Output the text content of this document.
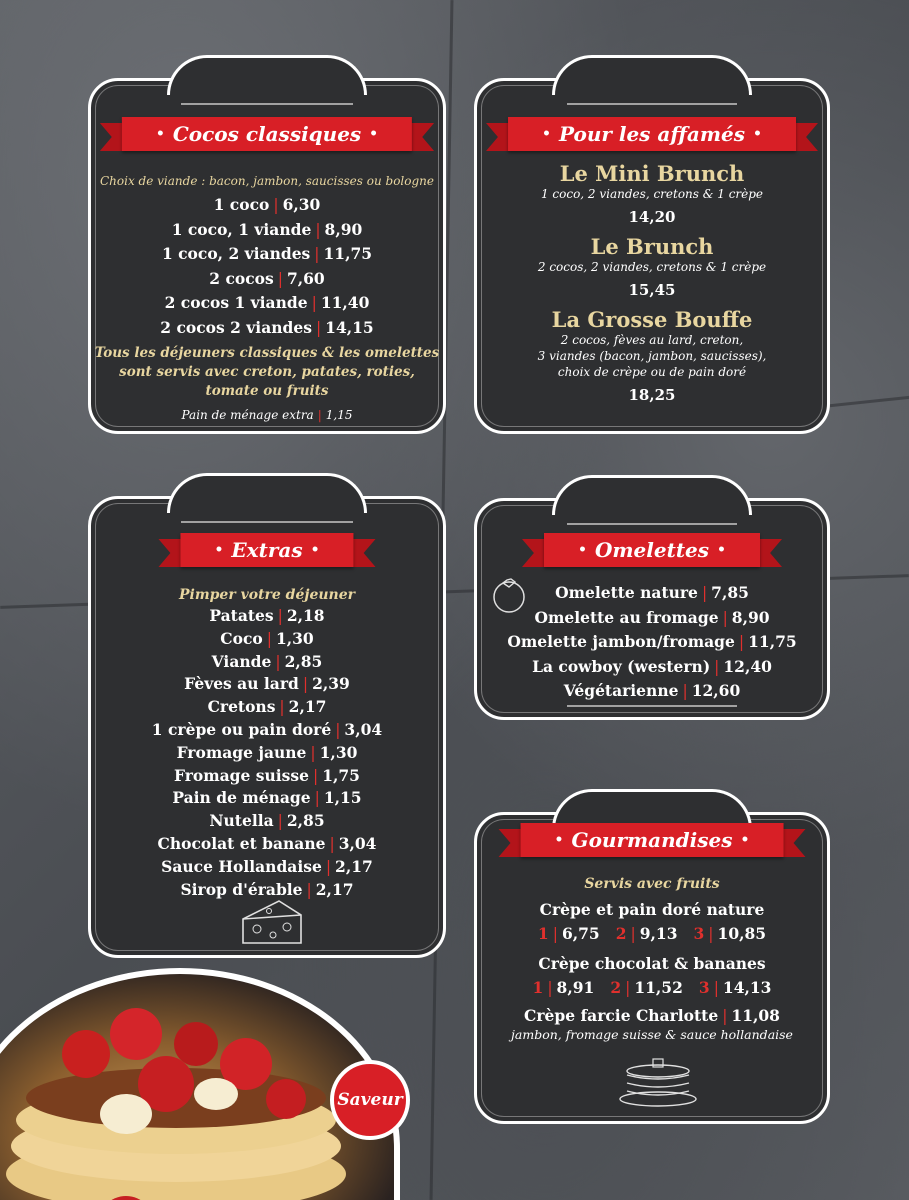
• Cocos classiques •
Choix de viande : bacon, jambon, saucisses ou bologne
1 coco | 6,30
1 coco, 1 viande | 8,90
1 coco, 2 viandes | 11,75
2 cocos | 7,60
2 cocos 1 viande | 11,40
2 cocos 2 viandes | 14,15
Tous les déjeuners classiques & les omelettes
sont servis avec creton, patates, roties,
tomate ou fruits
Pain de ménage extra | 1,15
• Pour les affamés •
Le Mini Brunch
1 coco, 2 viandes, cretons & 1 crèpe
14,20
Le Brunch
2 cocos, 2 viandes, cretons & 1 crèpe
15,45
La Grosse Bouffe
2 cocos, fèves au lard, creton,
3 viandes (bacon, jambon, saucisses),
choix de crèpe ou de pain doré
18,25
• Extras •
Pimper votre déjeuner
Patates | 2,18
Coco | 1,30
Viande | 2,85
Fèves au lard | 2,39
Cretons | 2,17
1 crèpe ou pain doré | 3,04
Fromage jaune | 1,30
Fromage suisse | 1,75
Pain de ménage | 1,15
Nutella | 2,85
Chocolat et banane | 3,04
Sauce Hollandaise | 2,17
Sirop d'érable | 2,17
• Omelettes •
Omelette nature | 7,85
Omelette au fromage | 8,90
Omelette jambon/fromage | 11,75
La cowboy (western) | 12,40
Végétarienne | 12,60
• Gourmandises •
Servis avec fruits
Crèpe et pain doré nature
1 | 6,75 2 | 9,13 3 | 10,85
Crèpe chocolat & bananes
1 | 8,91 2 | 11,52 3 | 14,13
Crèpe farcie Charlotte | 11,08
jambon, fromage suisse & sauce hollandaise
Saveur
